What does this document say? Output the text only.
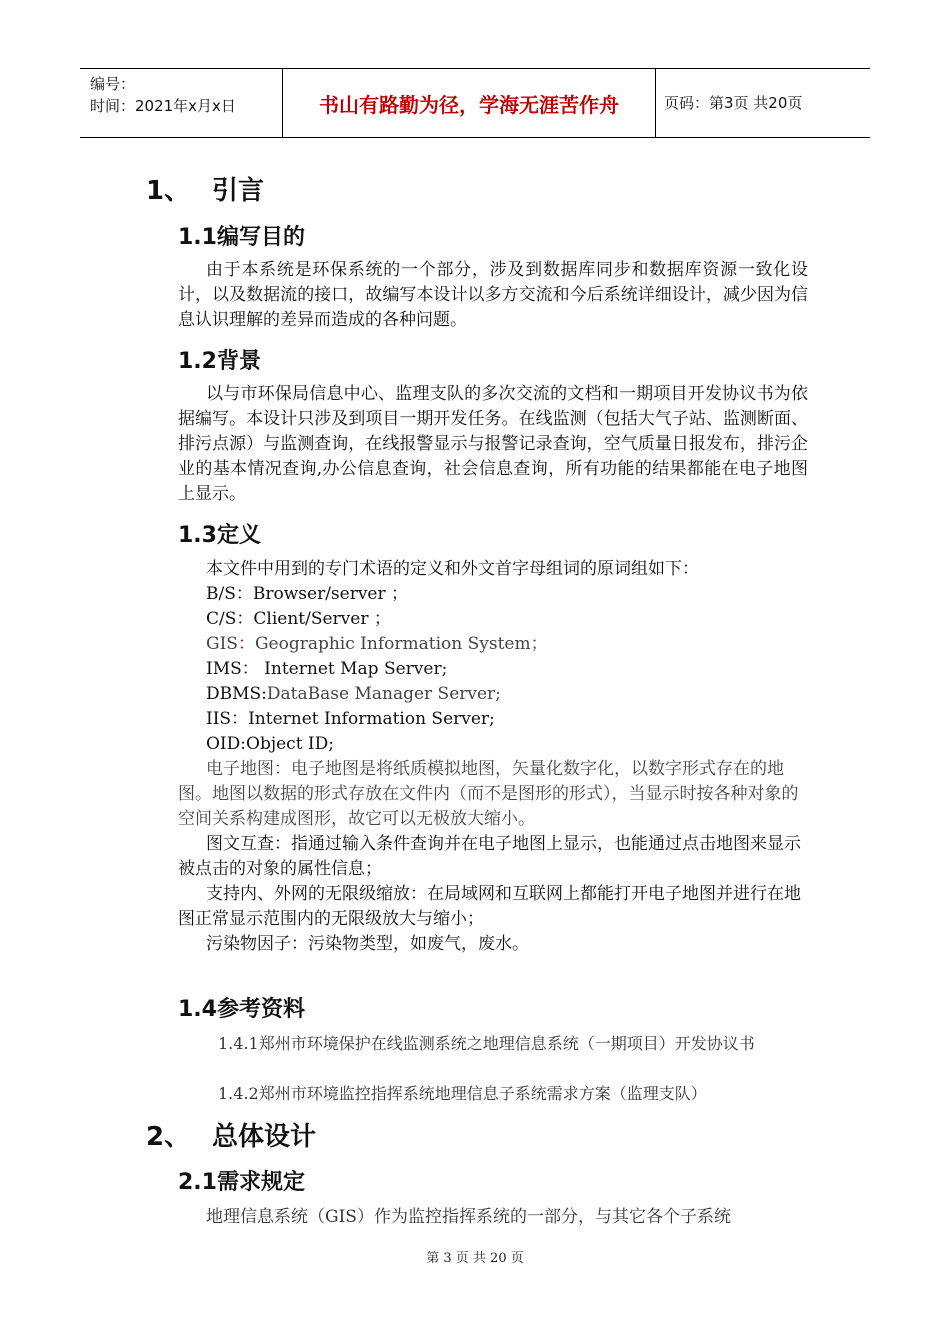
编号：
时间：2021年x月x日	书山有路勤为径，学海无涯苦作舟	页码：第3页 共20页
1、 引言
1.1编写目的
由于本系统是环保系统的一个部分，涉及到数据库同步和数据库资源一致化设计，以及数据流的接口，故编写本设计以多方交流和今后系统详细设计，减少因为信息认识理解的差异而造成的各种问题。
1.2背景
以与市环保局信息中心、监理支队的多次交流的文档和一期项目开发协议书为依据编写。本设计只涉及到项目一期开发任务。在线监测（包括大气子站、监测断面、排污点源）与监测查询，在线报警显示与报警记录查询，空气质量日报发布，排污企业的基本情况查询,办公信息查询，社会信息查询，所有功能的结果都能在电子地图上显示。
1.3定义
本文件中用到的专门术语的定义和外文首字母组词的原词组如下：
B/S：Browser/server ；
C/S：Client/Server ；
GIS：Geographic Information System；
IMS： Internet Map Server;
DBMS:DataBase Manager Server;
IIS：Internet Information Server;
OID:Object ID;
电子地图：电子地图是将纸质模拟地图，矢量化数字化，以数字形式存在的地图。地图以数据的形式存放在文件内（而不是图形的形式），当显示时按各种对象的空间关系构建成图形，故它可以无极放大缩小。
图文互查：指通过输入条件查询并在电子地图上显示，也能通过点击地图来显示被点击的对象的属性信息；
支持内、外网的无限级缩放：在局域网和互联网上都能打开电子地图并进行在地图正常显示范围内的无限级放大与缩小；
污染物因子：污染物类型，如废气，废水。
1.4参考资料
1.4.1郑州市环境保护在线监测系统之地理信息系统（一期项目）开发协议书
1.4.2郑州市环境监控指挥系统地理信息子系统需求方案（监理支队）
2、 总体设计
2.1需求规定
地理信息系统（GIS）作为监控指挥系统的一部分，与其它各个子系统
第 3 页 共 20 页
